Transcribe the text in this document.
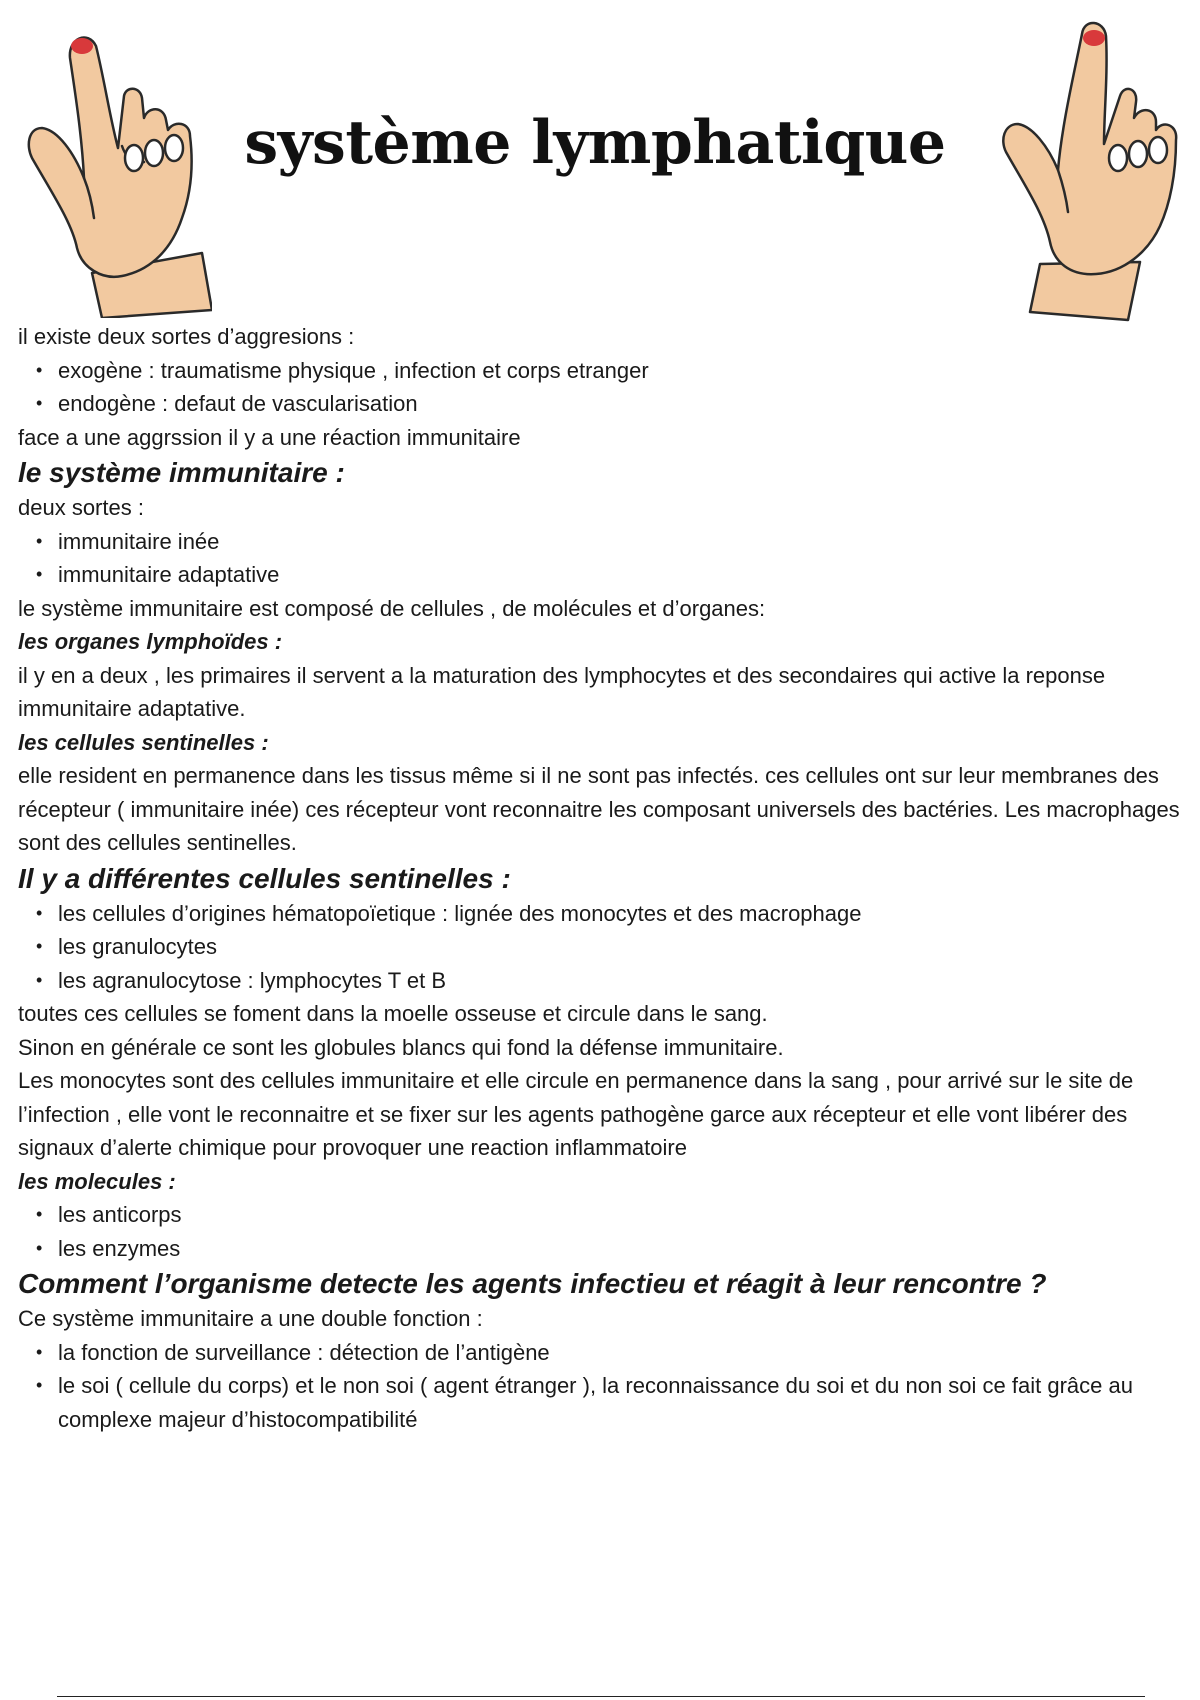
système lymphatique

il existe deux sortes d’aggresions :

• exogène : traumatisme physique , infection et corps etranger
• endogène : defaut de vascularisation

face a une aggrssion il y a une réaction immunitaire

le système immunitaire :

deux sortes :

• immunitaire inée
• immunitaire adaptative

le système immunitaire est composé de cellules , de molécules et d’organes:

les organes lymphoïdes :

il y en a deux , les primaires il servent a la maturation des lymphocytes et des secondaires qui active la reponse immunitaire adaptative.

les cellules sentinelles :

elle resident en permanence dans les tissus même si il ne sont pas infectés. ces cellules ont sur leur membranes des récepteur ( immunitaire inée) ces récepteur vont reconnaitre les composant universels des bactéries. Les macrophages sont des cellules sentinelles.

Il y a différentes cellules sentinelles :

• les cellules d’origines hématopoïetique : lignée des monocytes et des macrophage
• les granulocytes
• les agranulocytose : lymphocytes T et B

toutes ces cellules se foment dans la moelle osseuse et circule dans le sang.

Sinon en générale ce sont les globules blancs qui fond la défense immunitaire.

Les monocytes sont des cellules immunitaire et elle circule en permanence dans la sang , pour arrivé sur le site de l’infection , elle vont le reconnaitre et se fixer sur les agents pathogène garce aux récepteur et elle vont libérer des signaux d’alerte chimique pour provoquer une reaction inflammatoire

les molecules :

• les anticorps
• les enzymes

Comment l’organisme detecte les agents infectieu et réagit à leur rencontre ?

Ce système immunitaire a une double fonction :

• la fonction de surveillance : détection de l’antigène
• le soi ( cellule du corps) et le non soi ( agent étranger ), la reconnaissance du soi et du non soi ce fait grâce au complexe majeur d’histocompatibilité
